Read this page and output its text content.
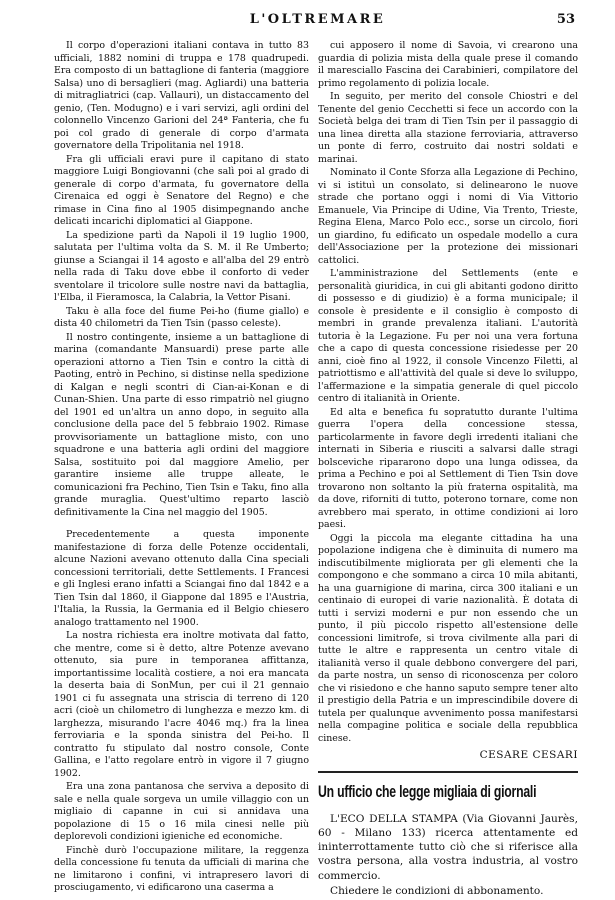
L'OLTREMARE	53

Il corpo d'operazioni italiani contava in tutto 83 ufficiali, 1882 nomini di truppa e 178 quadrupedi. Era composto di un battaglione di fanteria (maggiore Salsa) uno di bersaglieri (mag. Agliardi) una batteria di mitragliatrici (cap. Vallauri), un distaccamento del genio, (Ten. Modugno) e i vari servizi, agli ordini del colonnello Vincenzo Garioni del 24ª Fanteria, che fu poi col grado di generale di corpo d'armata governatore della Tripolitania nel 1918.

Fra gli ufficiali eravi pure il capitano di stato maggiore Luigi Bongiovanni (che salì poi al grado di generale di corpo d'armata, fu governatore della Cirenaica ed oggi è Senatore del Regno) e che rimase in Cina fino al 1905 disimpegnando anche delicati incarichi diplomatici al Giappone.

La spedizione partì da Napoli il 19 luglio 1900, salutata per l'ultima volta da S. M. il Re Umberto; giunse a Sciangai il 14 agosto e all'alba del 29 entrò nella rada di Taku dove ebbe il conforto di veder sventolare il tricolore sulle nostre navi da battaglia, l'Elba, il Fieramosca, la Calabria, la Vettor Pisani.

Taku è alla foce del fiume Pei-ho (fiume giallo) e dista 40 chilometri da Tien Tsin (passo celeste).

Il nostro contingente, insieme a un battaglione di marina (comandante Mansuardi) prese parte alle operazioni attorno a Tien Tsin e contro la città di Paoting, entrò in Pechino, si distinse nella spedizione di Kalgan e negli scontri di Cian-ai-Konan e di Cunan-Shien. Una parte di esso rimpatriò nel giugno del 1901 ed un'altra un anno dopo, in seguito alla conclusione della pace del 5 febbraio 1902. Rimase provvisoriamente un battaglione misto, con uno squadrone e una batteria agli ordini del maggiore Salsa, sostituito poi dal maggiore Amelio, per garantire insieme alle truppe alleate, le comunicazioni fra Pechino, Tien Tsin e Taku, fino alla grande muraglia. Quest'ultimo reparto lasciò definitivamente la Cina nel maggio del 1905.

Precedentemente a questa imponente manifestazione di forza delle Potenze occidentali, alcune Nazioni avevano ottenuto dalla Cina speciali concessioni territoriali, dette Settlements. I Francesi e gli Inglesi erano infatti a Sciangai fino dal 1842 e a Tien Tsin dal 1860, il Giappone dal 1895 e l'Austria, l'Italia, la Russia, la Germania ed il Belgio chiesero analogo trattamento nel 1900.

La nostra richiesta era inoltre motivata dal fatto, che mentre, come si è detto, altre Potenze avevano ottenuto, sia pure in temporanea affittanza, importantissime località costiere, a noi era mancata la deserta baia di SonMun, per cui il 21 gennaio 1901 ci fu assegnata una striscia di terreno di 120 acri (cioè un chilometro di lunghezza e mezzo km. di larghezza, misurando l'acre 4046 mq.) fra la linea ferroviaria e la sponda sinistra del Pei-ho. Il contratto fu stipulato dal nostro console, Conte Gallina, e l'atto regolare entrò in vigore il 7 giugno 1902.

Era una zona pantanosa che serviva a deposito di sale e nella quale sorgeva un umile villaggio con un migliaio di capanne in cui si annidava una popolazione di 15 o 16 mila cinesi nelle più deplorevoli condizioni igieniche ed economiche.

Finchè durò l'occupazione militare, la reggenza della concessione fu tenuta da ufficiali di marina che ne limitarono i confini, vi intrapresero lavori di prosciugamento, vi edificarono una caserma a

cui apposero il nome di Savoia, vi crearono una guardia di polizia mista della quale prese il comando il maresciallo Fascina dei Carabinieri, compilatore del primo regolamento di polizia locale.

In seguito, per merito del console Chiostri e del Tenente del genio Cecchetti si fece un accordo con la Società belga dei tram di Tien Tsin per il passaggio di una linea diretta alla stazione ferroviaria, attraverso un ponte di ferro, costruito dai nostri soldati e marinai.

Nominato il Conte Sforza alla Legazione di Pechino, vi si istituì un consolato, si delinearono le nuove strade che portano oggi i nomi di Via Vittorio Emanuele, Via Principe di Udine, Via Trento, Trieste, Regina Elena, Marco Polo ecc., sorse un circolo, fiori un giardino, fu edificato un ospedale modello a cura dell'Associazione per la protezione dei missionari cattolici.

L'amministrazione del Settlements (ente e personalità giuridica, in cui gli abitanti godono diritto di possesso e di giudizio) è a forma municipale; il console è presidente e il consiglio è composto di membri in grande prevalenza italiani. L'autorità tutoria è la Legazione. Fu per noi una vera fortuna che a capo di questa concessione risiedesse per 20 anni, cioè fino al 1922, il console Vincenzo Filetti, al patriottismo e all'attività del quale si deve lo sviluppo, l'affermazione e la simpatia generale di quel piccolo centro di italianità in Oriente.

Ed alta e benefica fu sopratutto durante l'ultima guerra l'opera della concessione stessa, particolarmente in favore degli irredenti italiani che internati in Siberia e riusciti a salvarsi dalle stragi bolsceviche ripararono dopo una lunga odissea, da prima a Pechino e poi al Settlement di Tien Tsin dove trovarono non soltanto la più fraterna ospitalità, ma da dove, riforniti di tutto, poterono tornare, come non avrebbero mai sperato, in ottime condizioni ai loro paesi.

Oggi la piccola ma elegante cittadina ha una popolazione indigena che è diminuita di numero ma indiscutibilmente migliorata per gli elementi che la compongono e che sommano a circa 10 mila abitanti, ha una guarnigione di marina, circa 300 italiani e un centinaio di europei di varie nazionalità. È dotata di tutti i servizi moderni e pur non essendo che un punto, il più piccolo rispetto all'estensione delle concessioni limitrofe, si trova civilmente alla pari di tutte le altre e rappresenta un centro vitale di italianità verso il quale debbono convergere del pari, da parte nostra, un senso di riconoscenza per coloro che vi risiedono e che hanno saputo sempre tener alto il prestigio della Patria e un imprescindibile dovere di tutela per qualunque avvenimento possa manifestarsi nella compagine politica e sociale della repubblica cinese.

CESARE CESARI
Un ufficio che legge migliaia di giornali

L'ECO DELLA STAMPA (Via Giovanni Jaurès, 60 - Milano 133) ricerca attentamente ed ininterrottamente tutto ciò che si riferisce alla vostra persona, alla vostra industria, al vostro commercio.

Chiedere le condizioni di abbonamento.
